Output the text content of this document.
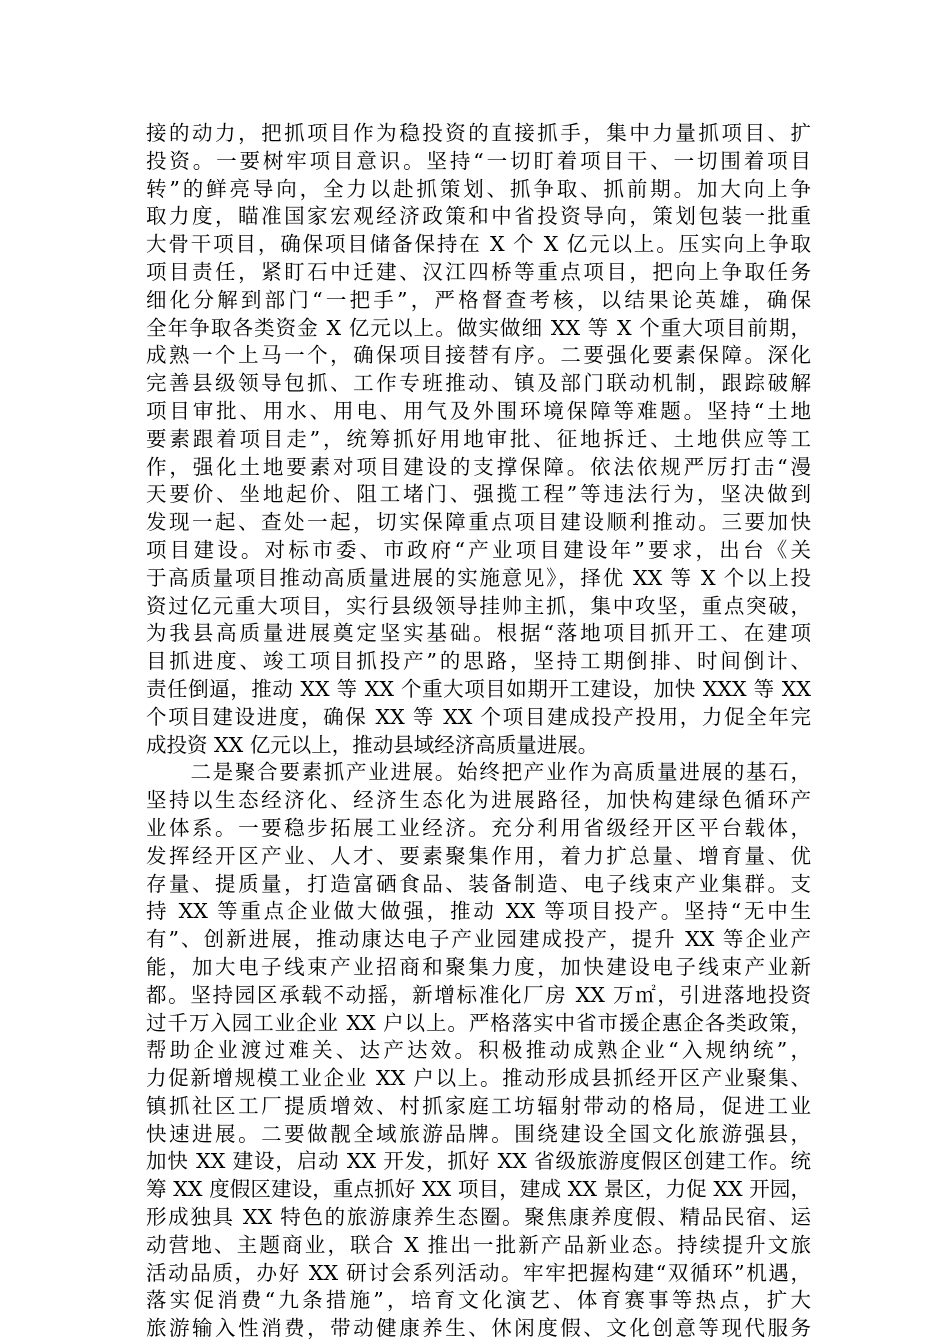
接的动力，把抓项目作为稳投资的直接抓手，集中力量抓项目、扩
投资。一要树牢项目意识。坚持“一切盯着项目干、一切围着项目
转”的鲜亮导向，全力以赴抓策划、抓争取、抓前期。加大向上争
取力度，瞄准国家宏观经济政策和中省投资导向，策划包装一批重
大骨干项目，确保项目储备保持在 X 个 X 亿元以上。压实向上争取
项目责任，紧盯石中迁建、汉江四桥等重点项目，把向上争取任务
细化分解到部门“一把手”，严格督查考核，以结果论英雄，确保
全年争取各类资金 X 亿元以上。做实做细 XX 等 X 个重大项目前期，
成熟一个上马一个，确保项目接替有序。二要强化要素保障。深化
完善县级领导包抓、工作专班推动、镇及部门联动机制，跟踪破解
项目审批、用水、用电、用气及外围环境保障等难题。坚持“土地
要素跟着项目走”，统筹抓好用地审批、征地拆迁、土地供应等工
作，强化土地要素对项目建设的支撑保障。依法依规严厉打击“漫
天要价、坐地起价、阻工堵门、强揽工程”等违法行为，坚决做到
发现一起、查处一起，切实保障重点项目建设顺利推动。三要加快
项目建设。对标市委、市政府“产业项目建设年”要求，出台《关
于高质量项目推动高质量进展的实施意见》，择优 XX 等 X 个以上投
资过亿元重大项目，实行县级领导挂帅主抓，集中攻坚，重点突破，
为我县高质量进展奠定坚实基础。根据“落地项目抓开工、在建项
目抓进度、竣工项目抓投产”的思路，坚持工期倒排、时间倒计、
责任倒逼，推动 XX 等 XX 个重大项目如期开工建设，加快 XXX 等 XX
个项目建设进度，确保 XX 等 XX 个项目建成投产投用，力促全年完
成投资 XX 亿元以上，推动县域经济高质量进展。
　　二是聚合要素抓产业进展。始终把产业作为高质量进展的基石，
坚持以生态经济化、经济生态化为进展路径，加快构建绿色循环产
业体系。一要稳步拓展工业经济。充分利用省级经开区平台载体，
发挥经开区产业、人才、要素聚集作用，着力扩总量、增育量、优
存量、提质量，打造富硒食品、装备制造、电子线束产业集群。支
持 XX 等重点企业做大做强，推动 XX 等项目投产。坚持“无中生
有”、创新进展，推动康达电子产业园建成投产，提升 XX 等企业产
能，加大电子线束产业招商和聚集力度，加快建设电子线束产业新
都。坚持园区承载不动摇，新增标准化厂房 XX 万㎡，引进落地投资
过千万入园工业企业 XX 户以上。严格落实中省市援企惠企各类政策，
帮助企业渡过难关、达产达效。积极推动成熟企业“入规纳统”，
力促新增规模工业企业 XX 户以上。推动形成县抓经开区产业聚集、
镇抓社区工厂提质增效、村抓家庭工坊辐射带动的格局，促进工业
快速进展。二要做靓全域旅游品牌。围绕建设全国文化旅游强县，
加快 XX 建设，启动 XX 开发，抓好 XX 省级旅游度假区创建工作。统
筹 XX 度假区建设，重点抓好 XX 项目，建成 XX 景区，力促 XX 开园，
形成独具 XX 特色的旅游康养生态圈。聚焦康养度假、精品民宿、运
动营地、主题商业，联合 X 推出一批新产品新业态。持续提升文旅
活动品质，办好 XX 研讨会系列活动。牢牢把握构建“双循环”机遇，
落实促消费“九条措施”，培育文化演艺、体育赛事等热点，扩大
旅游输入性消费，带动健康养生、休闲度假、文化创意等现代服务
